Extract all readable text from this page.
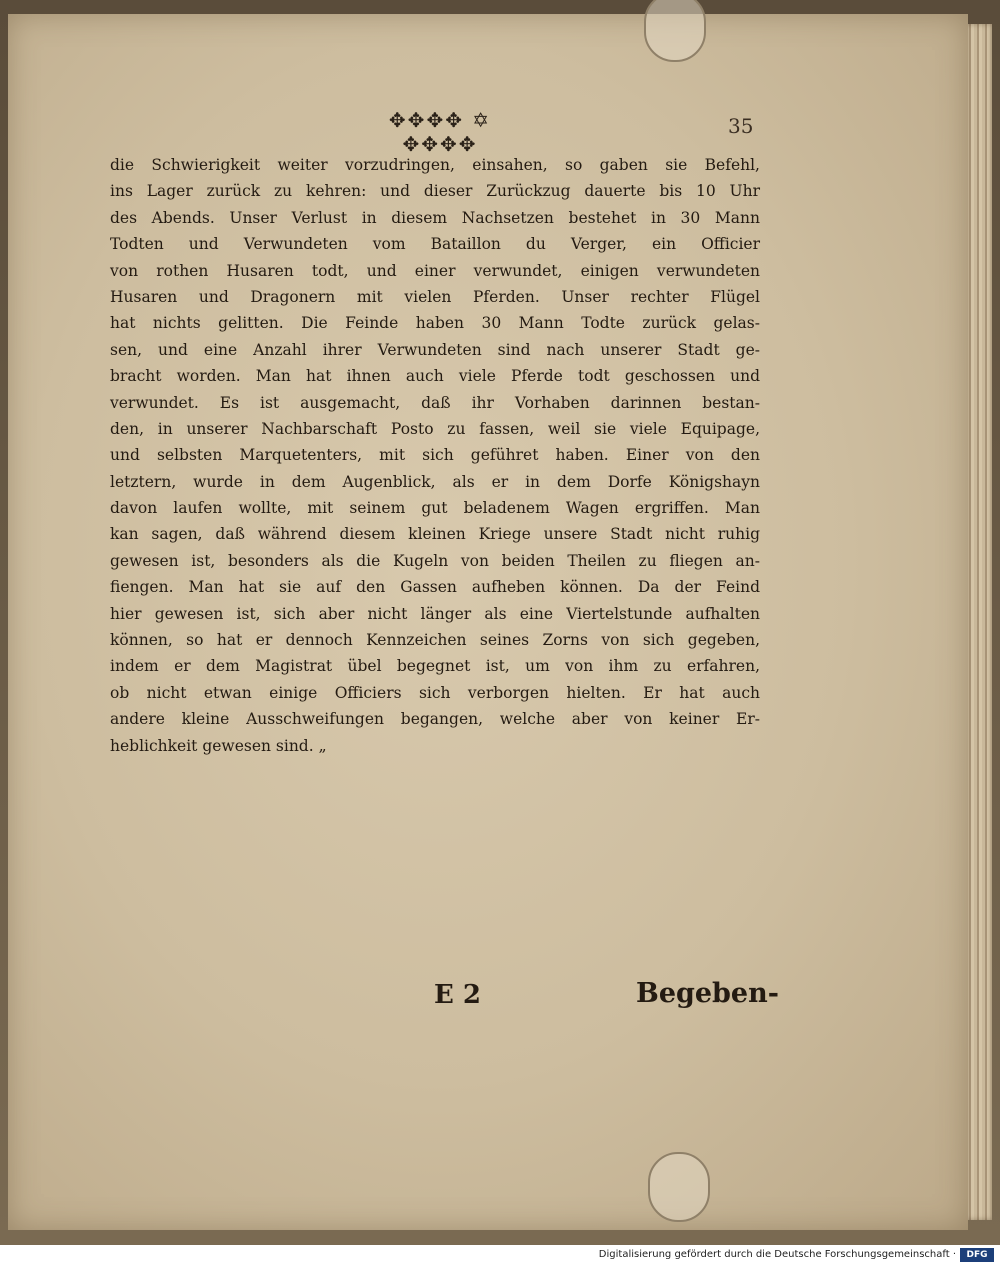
✥✥✥✥ ✡ ✥✥✥✥
35
die Schwierigkeit weiter vorzudringen, einsahen, so gaben sie Befehl,
ins Lager zurück zu kehren: und dieser Zurückzug dauerte bis 10 Uhr
des Abends. Unser Verlust in diesem Nachsetzen bestehet in 30 Mann
Todten und Verwundeten vom Bataillon du Verger, ein Officier
von rothen Husaren todt, und einer verwundet, einigen verwundeten
Husaren und Dragonern mit vielen Pferden. Unser rechter Flügel
hat nichts gelitten. Die Feinde haben 30 Mann Todte zurück gelas-
sen, und eine Anzahl ihrer Verwundeten sind nach unserer Stadt ge-
bracht worden. Man hat ihnen auch viele Pferde todt geschossen und
verwundet. Es ist ausgemacht, daß ihr Vorhaben darinnen bestan-
den, in unserer Nachbarschaft Posto zu fassen, weil sie viele Equipage,
und selbsten Marquetenters, mit sich geführet haben. Einer von den
letztern, wurde in dem Augenblick, als er in dem Dorfe Königshayn
davon laufen wollte, mit seinem gut beladenem Wagen ergriffen. Man
kan sagen, daß während diesem kleinen Kriege unsere Stadt nicht ruhig
gewesen ist, besonders als die Kugeln von beiden Theilen zu fliegen an-
fiengen. Man hat sie auf den Gassen aufheben können. Da der Feind
hier gewesen ist, sich aber nicht länger als eine Viertelstunde aufhalten
können, so hat er dennoch Kennzeichen seines Zorns von sich gegeben,
indem er dem Magistrat übel begegnet ist, um von ihm zu erfahren,
ob nicht etwan einige Officiers sich verborgen hielten. Er hat auch
andere kleine Ausschweifungen begangen, welche aber von keiner Er-
heblichkeit gewesen sind. „
E 2	Begeben-
Digitalisierung gefördert durch die Deutsche Forschungsgemeinschaft ·	DFG
